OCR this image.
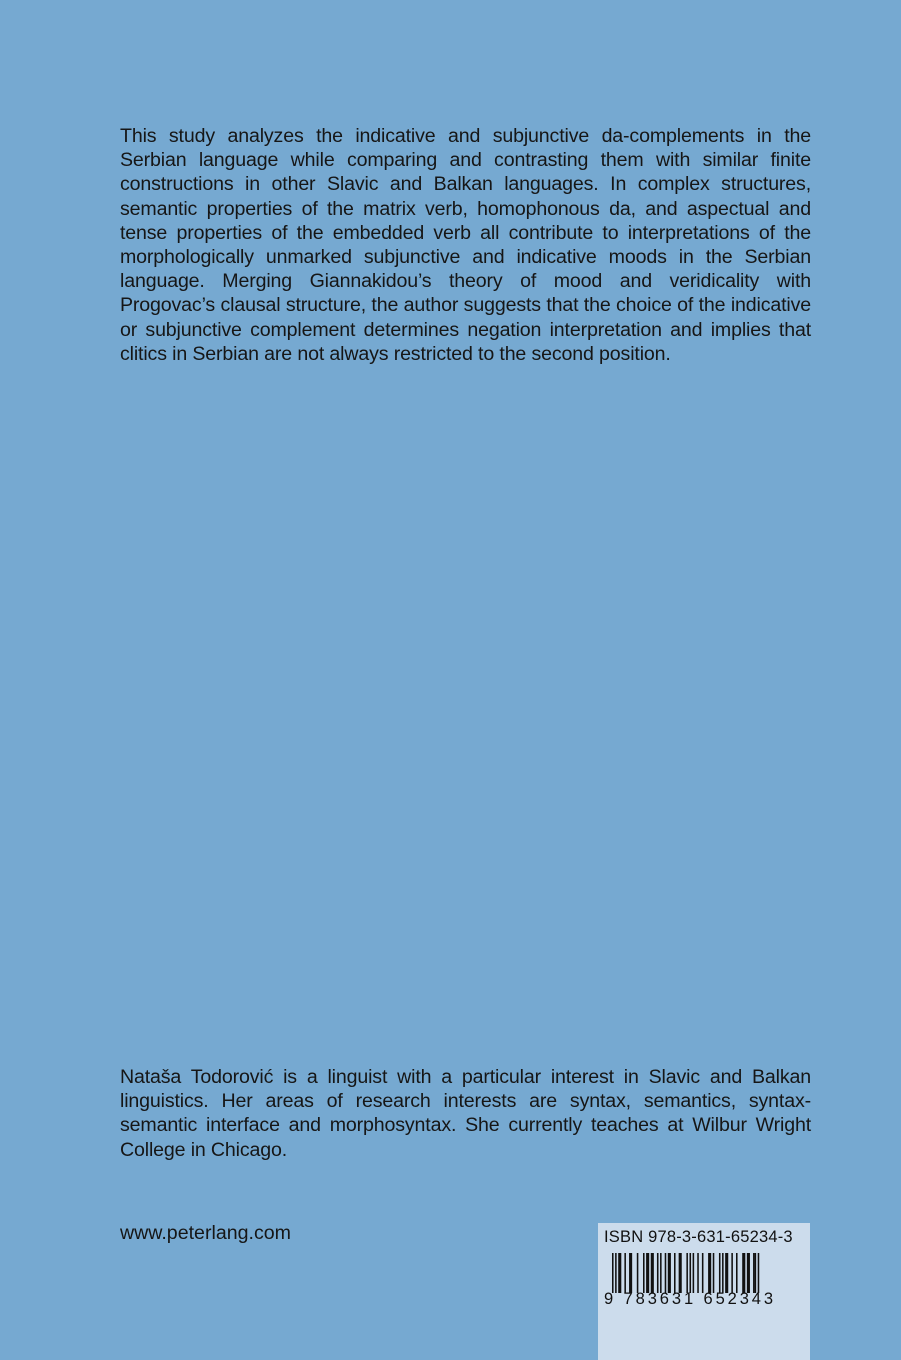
This study analyzes the indicative and subjunctive da-complements in the Serbian language while comparing and contrasting them with similar finite constructions in other Slavic and Balkan languages. In complex structures, semantic properties of the matrix verb, homophonous da, and aspectual and tense properties of the embedded verb all contribute to interpretations of the morphologically unmarked subjunctive and indicative moods in the Serbian language. Merging Giannakidou’s theory of mood and veridicality with Progovac’s clausal structure, the author suggests that the choice of the indicative or subjunctive complement determines negation interpretation and implies that clitics in Serbian are not always restricted to the second position.

Nataša Todorović is a linguist with a particular interest in Slavic and Balkan linguistics. Her areas of research interests are syntax, semantics, syntax-semantic interface and morphosyntax. She currently teaches at Wilbur Wright College in Chicago.

www.peterlang.com	ISBN 978-3-631-65234-3
9 783631 652343
